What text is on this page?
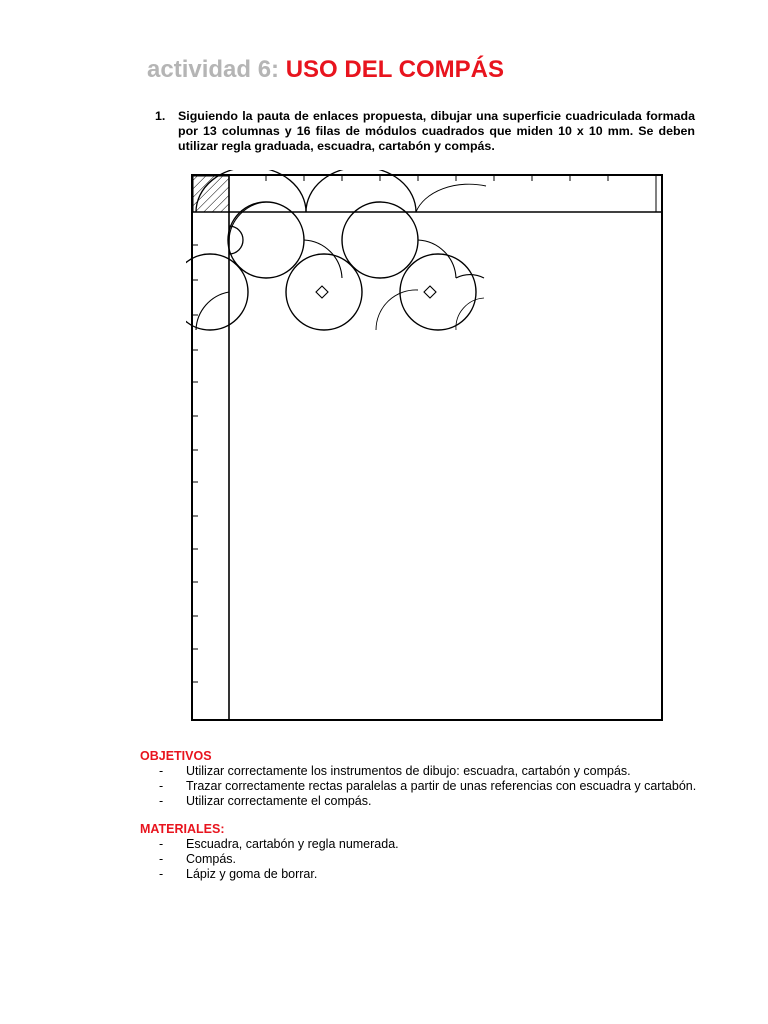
actividad 6: USO DEL COMPÁS
1. Siguiendo la pauta de enlaces propuesta, dibujar una superficie cuadriculada formada por 13 columnas y 16 filas de módulos cuadrados que miden 10 x 10 mm. Se deben utilizar regla graduada, escuadra, cartabón y compás.
OBJETIVOS
- Utilizar correctamente los instrumentos de dibujo: escuadra, cartabón y compás.
- Trazar correctamente rectas paralelas a partir de unas referencias con escuadra y cartabón.
- Utilizar correctamente el compás.
MATERIALES:
- Escuadra, cartabón y regla numerada.
- Compás.
- Lápiz y goma de borrar.
